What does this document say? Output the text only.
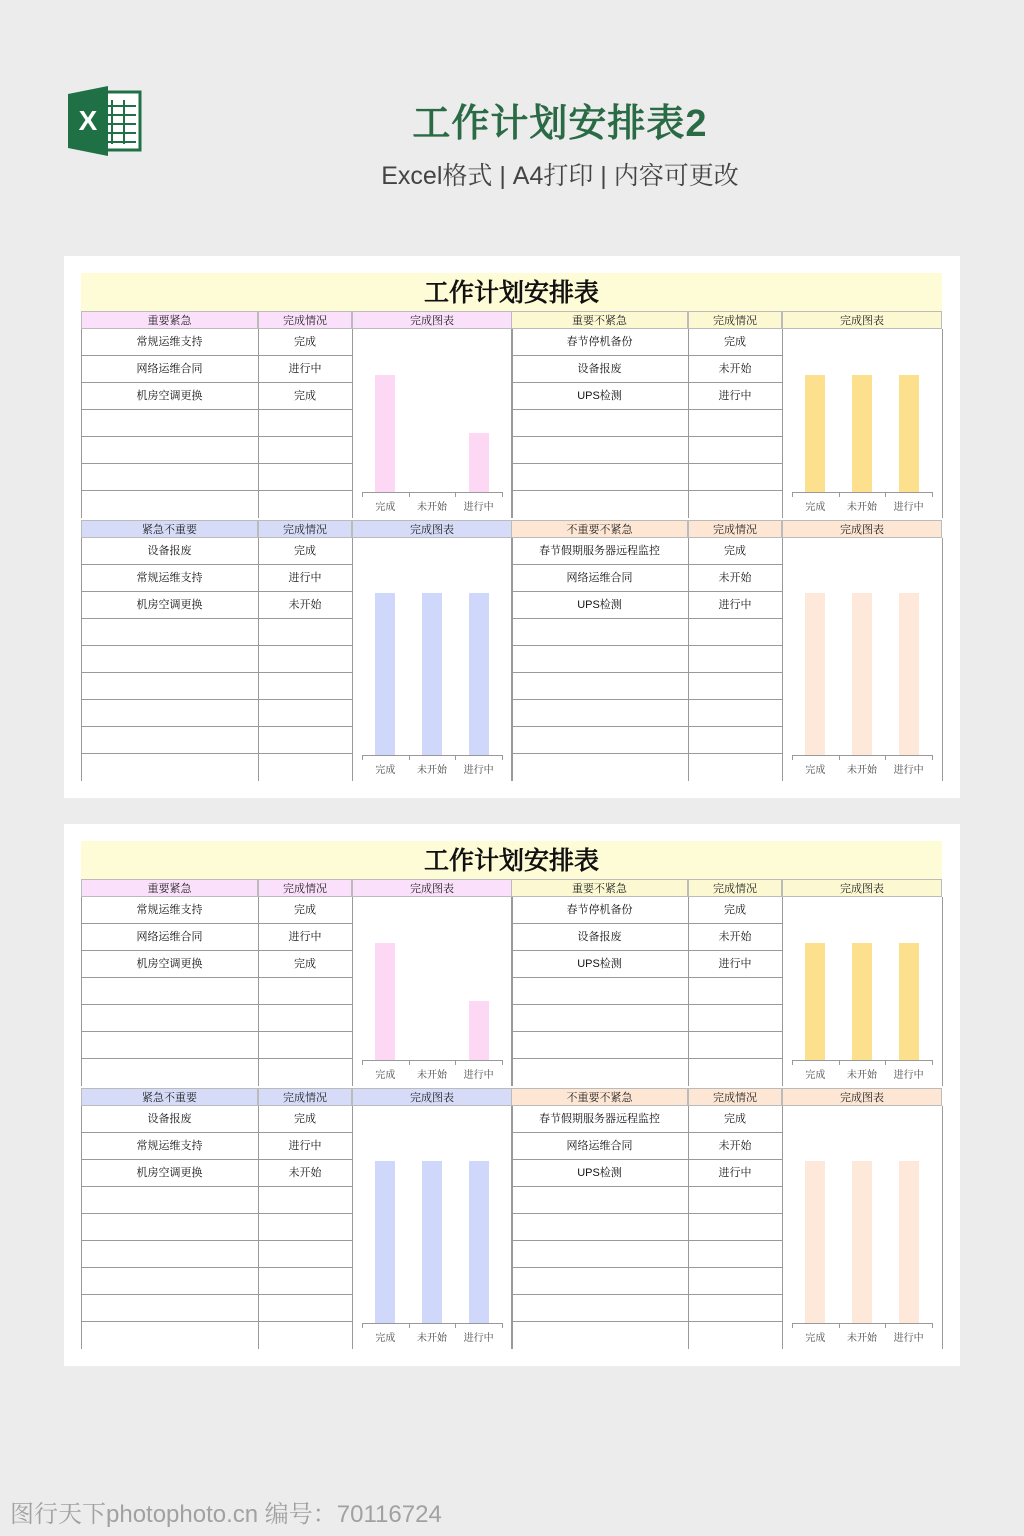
X	工作计划安排表2
Excel格式 | A4打印 | 内容可更改
工作计划安排表
重要紧急	完成情况	完成图表
常规运维支持	完成
网络运维合同	进行中
机房空调更换	完成
完成	未开始	进行中
重要不紧急	完成情况	完成图表
春节停机备份	完成
设备报废	未开始
UPS检测	进行中
完成	未开始	进行中
紧急不重要	完成情况	完成图表
设备报废	完成
常规运维支持	进行中
机房空调更换	未开始
完成	未开始	进行中
不重要不紧急	完成情况	完成图表
春节假期服务器远程监控	完成
网络运维合同	未开始
UPS检测	进行中
完成	未开始	进行中
工作计划安排表
重要紧急	完成情况	完成图表
常规运维支持	完成
网络运维合同	进行中
机房空调更换	完成
完成	未开始	进行中
重要不紧急	完成情况	完成图表
春节停机备份	完成
设备报废	未开始
UPS检测	进行中
完成	未开始	进行中
紧急不重要	完成情况	完成图表
设备报废	完成
常规运维支持	进行中
机房空调更换	未开始
完成	未开始	进行中
不重要不紧急	完成情况	完成图表
春节假期服务器远程监控	完成
网络运维合同	未开始
UPS检测	进行中
完成	未开始	进行中
图行天下photophoto.cn 编号：70116724
